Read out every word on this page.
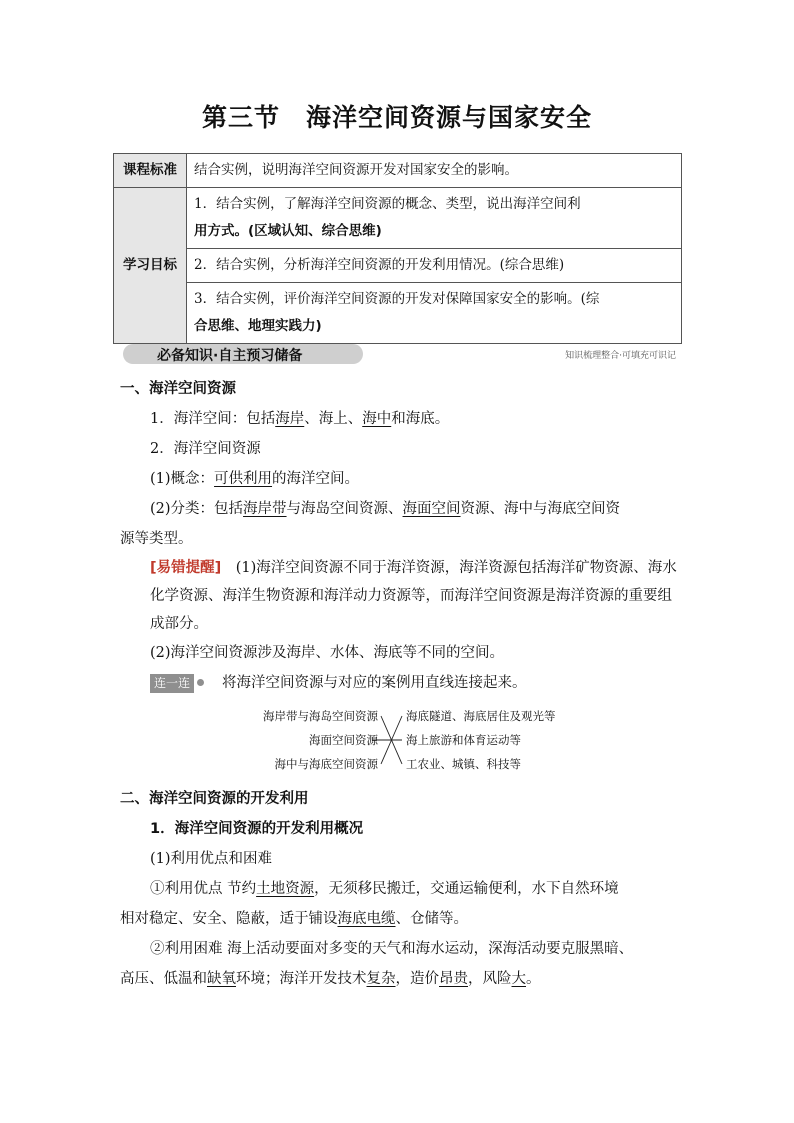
第三节　海洋空间资源与国家安全
课程标准	结合实例，说明海洋空间资源开发对国家安全的影响。
学习目标	1．结合实例，了解海洋空间资源的概念、类型，说出海洋空间利
用方式。(区域认知、综合思维)

	2．结合实例，分析海洋空间资源的开发利用情况。(综合思维)

	3．结合实例，评价海洋空间资源的开发对保障国家安全的影响。(综
合思维、地理实践力)
必备知识·自主预习储备	知识梳理整合·可填充可识记
一、海洋空间资源
1．海洋空间：包括海岸、海上、海中和海底。
2．海洋空间资源
(1)概念：可供利用的海洋空间。
(2)分类：包括海岸带与海岛空间资源、海面空间资源、海中与海底空间资
源等类型。
[易错提醒]　(1)海洋空间资源不同于海洋资源，海洋资源包括海洋矿物资源、海水化学资源、海洋生物资源和海洋动力资源等，而海洋空间资源是海洋资源的重要组成部分。
(2)海洋空间资源涉及海岸、水体、海底等不同的空间。
连一连 将海洋空间资源与对应的案例用直线连接起来。
海岸带与海岛空间资源
海面空间资源
海中与海底空间资源
海底隧道、海底居住及观光等
海上旅游和体育运动等
工农业、城镇、科技等
二、海洋空间资源的开发利用
1．海洋空间资源的开发利用概况
(1)利用优点和困难
①利用优点 节约土地资源，无须移民搬迁，交通运输便利，水下自然环境
相对稳定、安全、隐蔽，适于铺设海底电缆、仓储等。
②利用困难 海上活动要面对多变的天气和海水运动，深海活动要克服黑暗、
高压、低温和缺氧环境；海洋开发技术复杂，造价昂贵，风险大。
